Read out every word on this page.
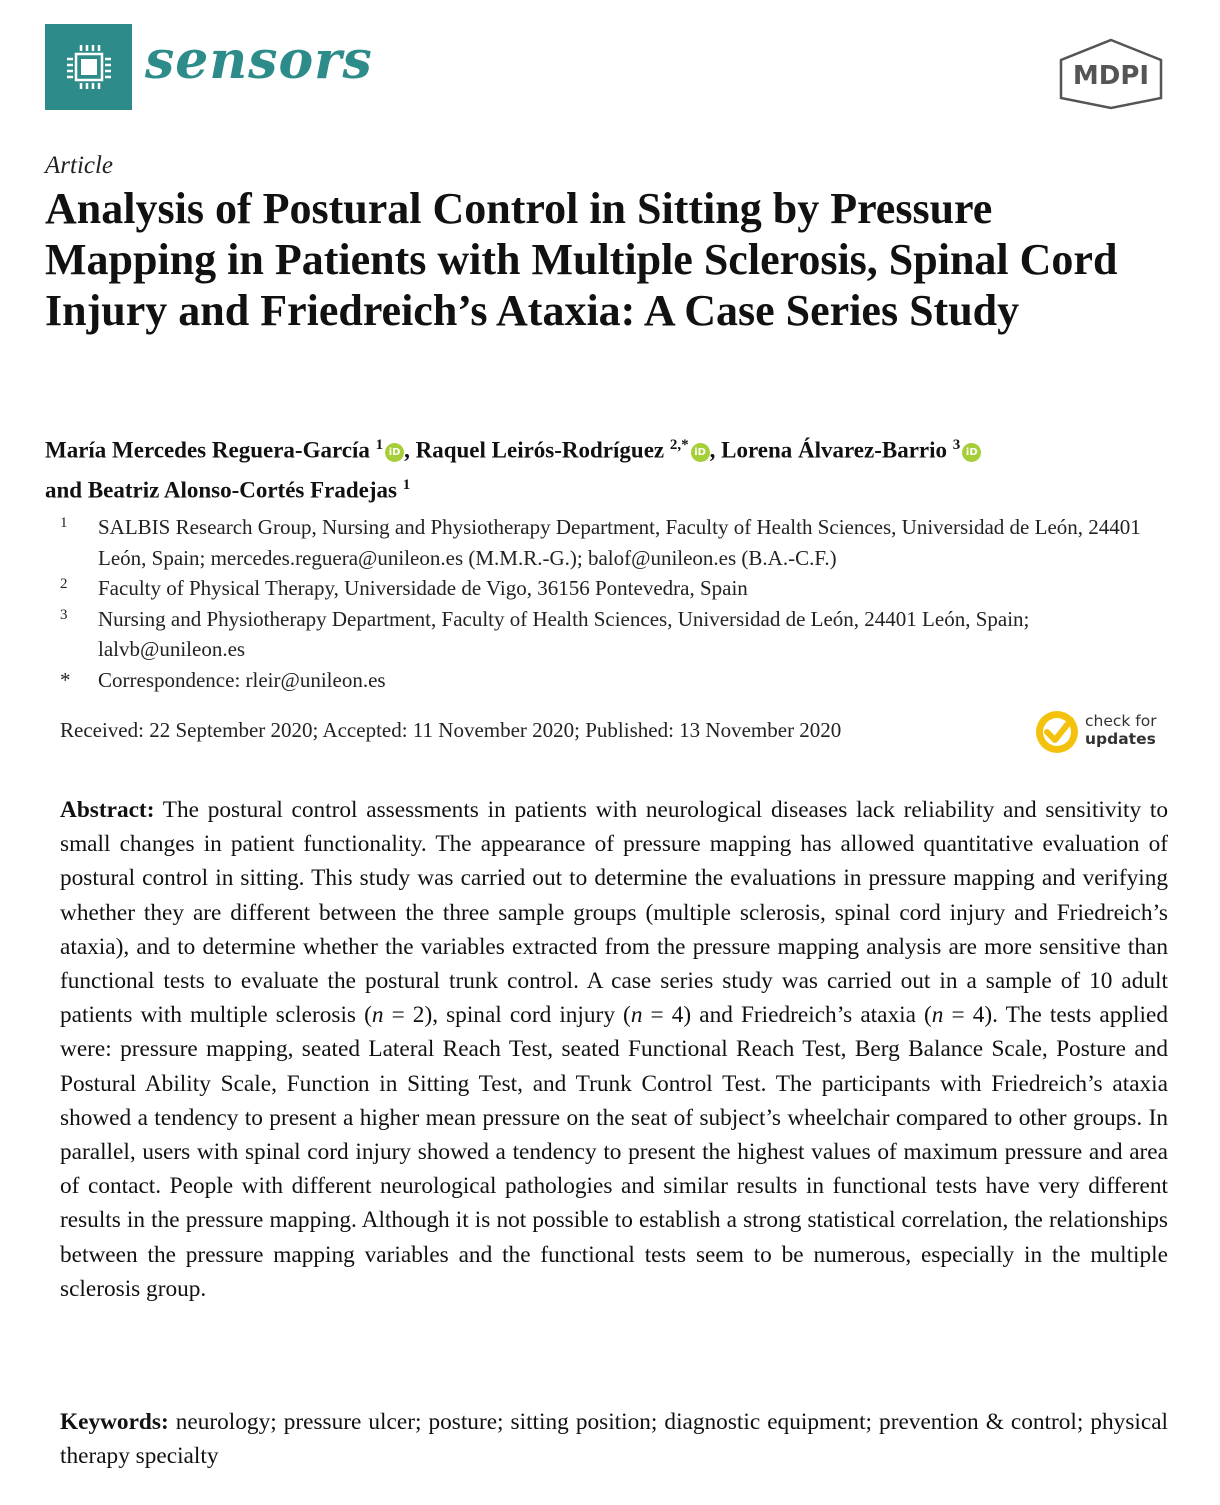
sensors	MDPI
Article
Analysis of Postural Control in Sitting by Pressure Mapping in Patients with Multiple Sclerosis, Spinal Cord Injury and Friedreich’s Ataxia: A Case Series Study
María Mercedes Reguera-García $^1$ iD , Raquel Leirós-Rodríguez $^{2,*}$ iD , Lorena Álvarez-Barrio $^3$ iD
and Beatriz Alonso-Cortés Fradejas $^1$
1	SALBIS Research Group, Nursing and Physiotherapy Department, Faculty of Health Sciences, Universidad de León, 24401 León, Spain; mercedes.reguera@unileon.es (M.M.R.-G.); balof@unileon.es (B.A.-C.F.)
2	Faculty of Physical Therapy, Universidade de Vigo, 36156 Pontevedra, Spain
3	Nursing and Physiotherapy Department, Faculty of Health Sciences, Universidad de León, 24401 León, Spain; lalvb@unileon.es
*	Correspondence: rleir@unileon.es
Received: 22 September 2020; Accepted: 11 November 2020; Published: 13 November 2020	check for
updates

Abstract: The postural control assessments in patients with neurological diseases lack reliability and sensitivity to small changes in patient functionality. The appearance of pressure mapping has allowed quantitative evaluation of postural control in sitting. This study was carried out to determine the evaluations in pressure mapping and verifying whether they are different between the three sample groups (multiple sclerosis, spinal cord injury and Friedreich’s ataxia), and to determine whether the variables extracted from the pressure mapping analysis are more sensitive than functional tests to evaluate the postural trunk control. A case series study was carried out in a sample of 10 adult patients with multiple sclerosis (n = 2), spinal cord injury (n = 4) and Friedreich’s ataxia (n = 4). The tests applied were: pressure mapping, seated Lateral Reach Test, seated Functional Reach Test, Berg Balance Scale, Posture and Postural Ability Scale, Function in Sitting Test, and Trunk Control Test. The participants with Friedreich’s ataxia showed a tendency to present a higher mean pressure on the seat of subject’s wheelchair compared to other groups. In parallel, users with spinal cord injury showed a tendency to present the highest values of maximum pressure and area of contact. People with different neurological pathologies and similar results in functional tests have very different results in the pressure mapping. Although it is not possible to establish a strong statistical correlation, the relationships between the pressure mapping variables and the functional tests seem to be numerous, especially in the multiple sclerosis group.

Keywords: neurology; pressure ulcer; posture; sitting position; diagnostic equipment; prevention & control; physical therapy specialty
